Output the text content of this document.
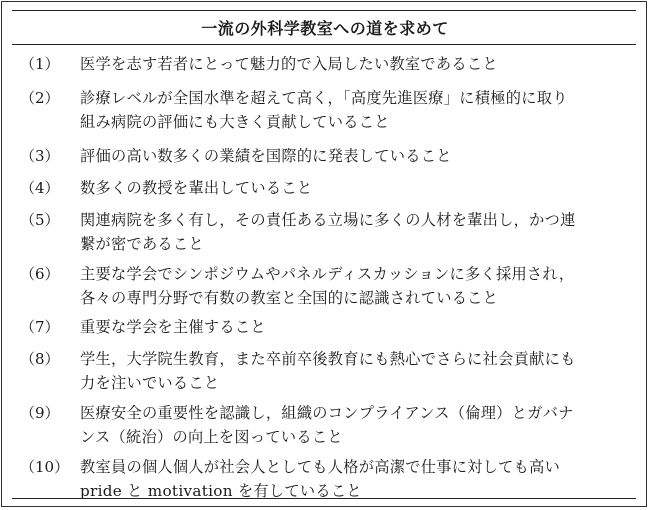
一流の外科学教室への道を求めて
（1） 医学を志す若者にとって魅力的で入局したい教室であること
（2） 診療レベルが全国水準を超えて高く，「高度先進医療」に積極的に取り
組み病院の評価にも大きく貢献していること
（3） 評価の高い数多くの業績を国際的に発表していること
（4） 数多くの教授を輩出していること
（5） 関連病院を多く有し，その責任ある立場に多くの人材を輩出し，かつ連
繋が密であること
（6） 主要な学会でシンポジウムやパネルディスカッションに多く採用され，
各々の専門分野で有数の教室と全国的に認識されていること
（7） 重要な学会を主催すること
（8） 学生，大学院生教育，また卒前卒後教育にも熱心でさらに社会貢献にも
力を注いでいること
（9） 医療安全の重要性を認識し，組織のコンプライアンス（倫理）とガバナ
ンス（統治）の向上を図っていること
（10） 教室員の個人個人が社会人としても人格が高潔で仕事に対しても高い
pride と motivation を有していること
